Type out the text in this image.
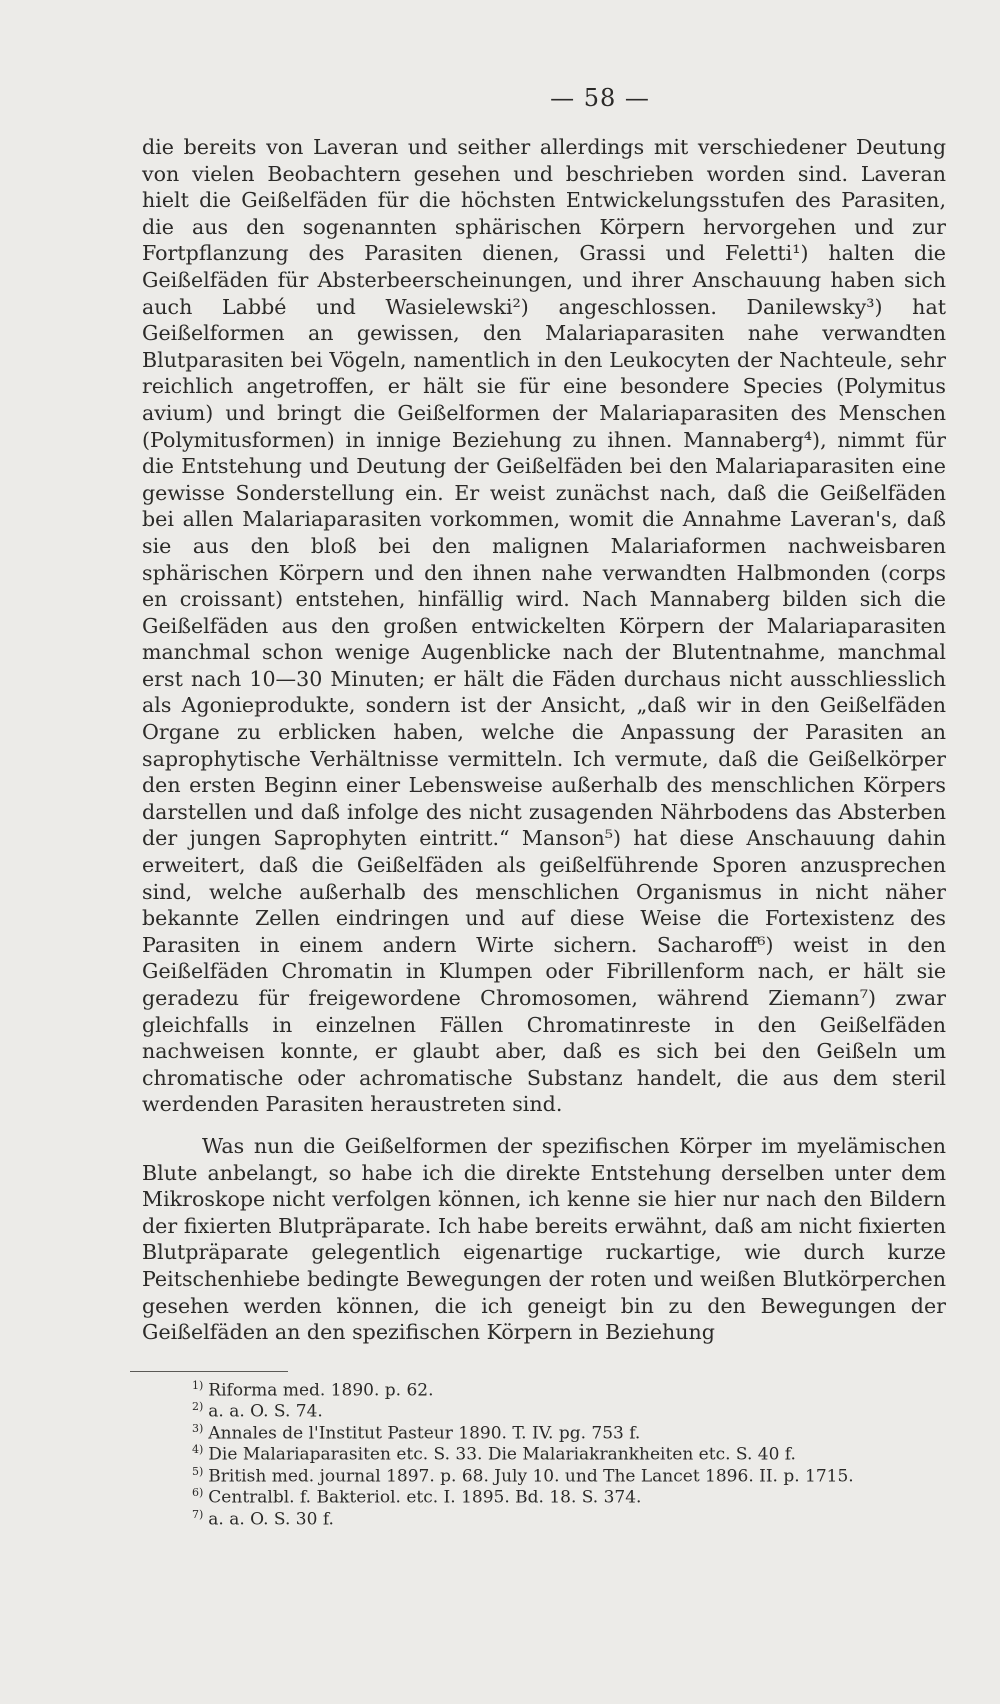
— 58 —

die bereits von Laveran und seither allerdings mit verschiedener Deutung von vielen Beobachtern gesehen und beschrieben worden sind. Laveran hielt die Geißelfäden für die höchsten Entwickelungsstufen des Parasiten, die aus den sogenannten sphärischen Körpern hervorgehen und zur Fortpflanzung des Parasiten dienen, Grassi und Feletti¹) halten die Geißelfäden für Absterbeerscheinungen, und ihrer Anschauung haben sich auch Labbé und Wasielewski²) angeschlossen. Danilewsky³) hat Geißelformen an gewissen, den Malariaparasiten nahe verwandten Blutparasiten bei Vögeln, namentlich in den Leukocyten der Nachteule, sehr reichlich angetroffen, er hält sie für eine besondere Species (Polymitus avium) und bringt die Geißelformen der Malariaparasiten des Menschen (Polymitusformen) in innige Beziehung zu ihnen. Mannaberg⁴), nimmt für die Entstehung und Deutung der Geißelfäden bei den Malariaparasiten eine gewisse Sonderstellung ein. Er weist zunächst nach, daß die Geißelfäden bei allen Malariaparasiten vorkommen, womit die Annahme Laveran's, daß sie aus den bloß bei den malignen Malariaformen nachweisbaren sphärischen Körpern und den ihnen nahe verwandten Halbmonden (corps en croissant) entstehen, hinfällig wird. Nach Mannaberg bilden sich die Geißelfäden aus den großen entwickelten Körpern der Malariaparasiten manchmal schon wenige Augenblicke nach der Blutentnahme, manchmal erst nach 10—30 Minuten; er hält die Fäden durchaus nicht ausschliesslich als Agonieprodukte, sondern ist der Ansicht, „daß wir in den Geißelfäden Organe zu erblicken haben, welche die Anpassung der Parasiten an saprophytische Verhältnisse vermitteln. Ich vermute, daß die Geißelkörper den ersten Beginn einer Lebensweise außerhalb des menschlichen Körpers darstellen und daß infolge des nicht zusagenden Nährbodens das Absterben der jungen Saprophyten eintritt.“ Manson⁵) hat diese Anschauung dahin erweitert, daß die Geißelfäden als geißelführende Sporen anzusprechen sind, welche außerhalb des menschlichen Organismus in nicht näher bekannte Zellen eindringen und auf diese Weise die Fortexistenz des Parasiten in einem andern Wirte sichern. Sacharoff⁶) weist in den Geißelfäden Chromatin in Klumpen oder Fibrillenform nach, er hält sie geradezu für freigewordene Chromosomen, während Ziemann⁷) zwar gleichfalls in einzelnen Fällen Chromatinreste in den Geißelfäden nachweisen konnte, er glaubt aber, daß es sich bei den Geißeln um chromatische oder achromatische Substanz handelt, die aus dem steril werdenden Parasiten heraustreten sind.

Was nun die Geißelformen der spezifischen Körper im myelämischen Blute anbelangt, so habe ich die direkte Entstehung derselben unter dem Mikroskope nicht verfolgen können, ich kenne sie hier nur nach den Bildern der fixierten Blutpräparate. Ich habe bereits erwähnt, daß am nicht fixierten Blutpräparate gelegentlich eigenartige ruckartige, wie durch kurze Peitschenhiebe bedingte Bewegungen der roten und weißen Blutkörperchen gesehen werden können, die ich geneigt bin zu den Bewegungen der Geißelfäden an den spezifischen Körpern in Beziehung

$^{1)}$ Riforma med. 1890. p. 62.
$^{2)}$ a. a. O. S. 74.
$^{3)}$ Annales de l'Institut Pasteur 1890. T. IV. pg. 753 f.
$^{4)}$ Die Malariaparasiten etc. S. 33. Die Malariakrankheiten etc. S. 40 f.
$^{5)}$ British med. journal 1897. p. 68. July 10. und The Lancet 1896. II. p. 1715.
$^{6)}$ Centralbl. f. Bakteriol. etc. I. 1895. Bd. 18. S. 374.
$^{7)}$ a. a. O. S. 30 f.
